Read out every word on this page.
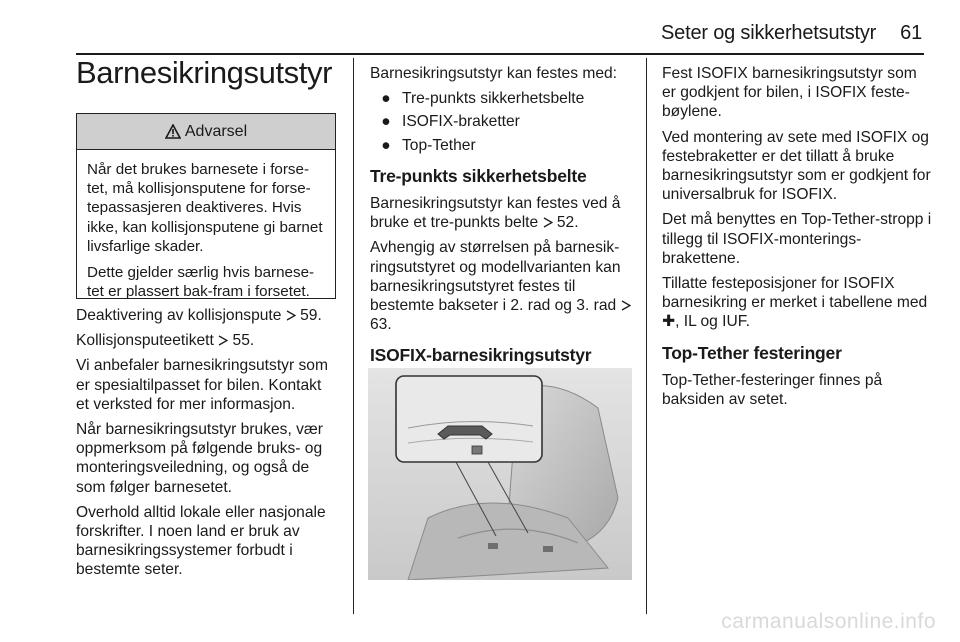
Seter og sikkerhetsutstyr 61
Barnesikringsutstyr
Advarsel

Når det brukes barnesete i forse-tet, må kollisjonsputene for forse-tepassasjeren deaktiveres. Hvis ikke, kan kollisjonsputene gi barnet livsfarlige skader.

Dette gjelder særlig hvis barnese-tet er plassert bak-fram i forsetet.

Deaktivering av kollisjonspute 59.

Kollisjonsputeetikett 55.

Vi anbefaler barnesikringsutstyr som er spesialtilpasset for bilen. Kontakt et verksted for mer informasjon.

Når barnesikringsutstyr brukes, vær oppmerksom på følgende bruks- og monteringsveiledning, og også de som følger barnesetet.

Overhold alltid lokale eller nasjonale forskrifter. I noen land er bruk av barnesikringssystemer forbudt i bestemte seter.

Barnesikringsutstyr kan festes med:

● Tre-punkts sikkerhetsbelte
● ISOFIX-braketter
● Top-Tether
Tre-punkts sikkerhetsbelte

Barnesikringsutstyr kan festes ved å bruke et tre-punkts belte 52.

Avhengig av størrelsen på barnesik-ringsutstyret og modellvarianten kan barnesikringsutstyret festes til bestemte bakseter i 2. rad og 3. rad  63.

ISOFIX-barnesikringsutstyr

Fest ISOFIX barnesikringsutstyr som er godkjent for bilen, i ISOFIX feste-bøylene.

Ved montering av sete med ISOFIX og festebraketter er det tillatt å bruke barnesikringsutstyr som er godkjent for universalbruk for ISOFIX.

Det må benyttes en Top-Tether-stropp i tillegg til ISOFIX-monterings-brakettene.

Tillatte festeposisjoner for ISOFIX barnesikring er merket i tabellene med ✚, IL og IUF.

Top-Tether festeringer

Top-Tether-festeringer finnes på baksiden av setet.

carmanualsonline.info
